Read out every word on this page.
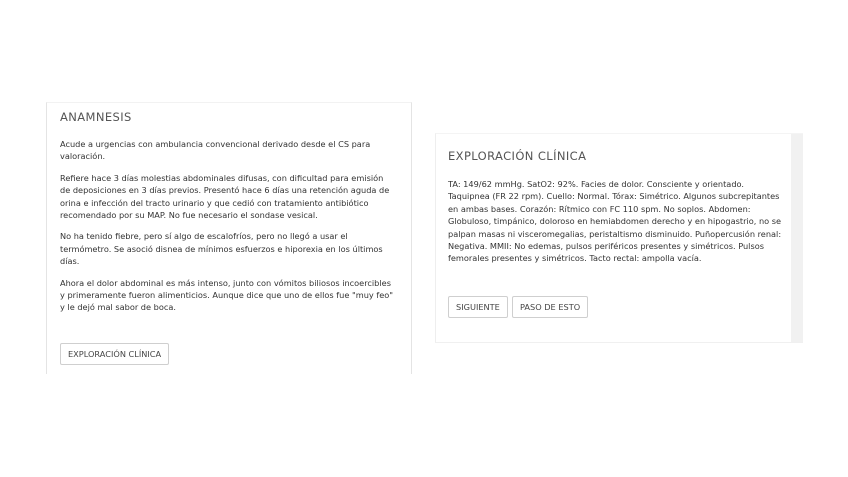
ANAMNESIS

Acude a urgencias con ambulancia convencional derivado desde el CS para valoración.

Refiere hace 3 días molestias abdominales difusas, con dificultad para emisión de deposiciones en 3 días previos. Presentó hace 6 días una retención aguda de orina e infección del tracto urinario y que cedió con tratamiento antibiótico recomendado por su MAP. No fue necesario el sondase vesical.

No ha tenido fiebre, pero sí algo de escalofríos, pero no llegó a usar el termómetro. Se asoció disnea de mínimos esfuerzos e hiporexia en los últimos días.

Ahora el dolor abdominal es más intenso, junto con vómitos biliosos incoercibles y primeramente fueron alimenticios. Aunque dice que uno de ellos fue "muy feo" y le dejó mal sabor de boca.

EXPLORACIÓN CLÍNICA
EXPLORACIÓN CLÍNICA

TA: 149/62 mmHg. SatO2: 92%. Facies de dolor. Consciente y orientado. Taquipnea (FR 22 rpm). Cuello: Normal. Tórax: Simétrico. Algunos subcrepitantes en ambas bases. Corazón: Rítmico con FC 110 spm. No soplos. Abdomen: Globuloso, timpánico, doloroso en hemiabdomen derecho y en hipogastrio, no se palpan masas ni visceromegalias, peristaltismo disminuido. Puñopercusión renal: Negativa. MMII: No edemas, pulsos periféricos presentes y simétricos. Pulsos femorales presentes y simétricos. Tacto rectal: ampolla vacía.

SIGUIENTE	PASO DE ESTO
